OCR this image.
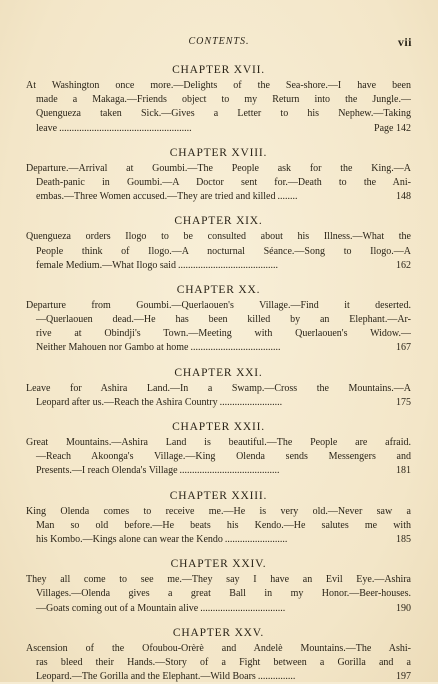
CONTENTS.	vii
CHAPTER XVII.
At Washington once more.—Delights of the Sea-shore.—I have been
made a Makaga.—Friends object to my Return into the Jungle.—
Quengueza taken Sick.—Gives a Letter to his Nephew.—Taking
leave .....................................................	Page 142
CHAPTER XVIII.
Departure.—Arrival at Goumbi.—The People ask for the King.—A
Death-panic in Goumbi.—A Doctor sent for.—Death to the Ani-
embas.—Three Women accused.—They are tried and killed ........	148
CHAPTER XIX.
Quengueza orders Ilogo to be consulted about his Illness.—What the
People think of Ilogo.—A nocturnal Séance.—Song to Ilogo.—A
female Medium.—What Ilogo said ........................................	162
CHAPTER XX.
Departure from Goumbi.—Querlaouen's Village.—Find it deserted.
—Querlaouen dead.—He has been killed by an Elephant.—Ar-
rive at Obindji's Town.—Meeting with Querlaouen's Widow.—
Neither Mahouen nor Gambo at home ....................................	167
CHAPTER XXI.
Leave for Ashira Land.—In a Swamp.—Cross the Mountains.—A
Leopard after us.—Reach the Ashira Country .........................	175
CHAPTER XXII.
Great Mountains.—Ashira Land is beautiful.—The People are afraid.
—Reach Akoonga's Village.—King Olenda sends Messengers and
Presents.—I reach Olenda's Village ........................................	181
CHAPTER XXIII.
King Olenda comes to receive me.—He is very old.—Never saw a
Man so old before.—He beats his Kendo.—He salutes me with
his Kombo.—Kings alone can wear the Kendo .........................	185
CHAPTER XXIV.
They all come to see me.—They say I have an Evil Eye.—Ashira
Villages.—Olenda gives a great Ball in my Honor.—Beer-houses.
—Goats coming out of a Mountain alive ..................................	190
CHAPTER XXV.
Ascension of the Ofoubou-Orèrè and Andelè Mountains.—The Ashi-
ras bleed their Hands.—Story of a Fight between a Gorilla and a
Leopard.—The Gorilla and the Elephant.—Wild Boars ...............	197
